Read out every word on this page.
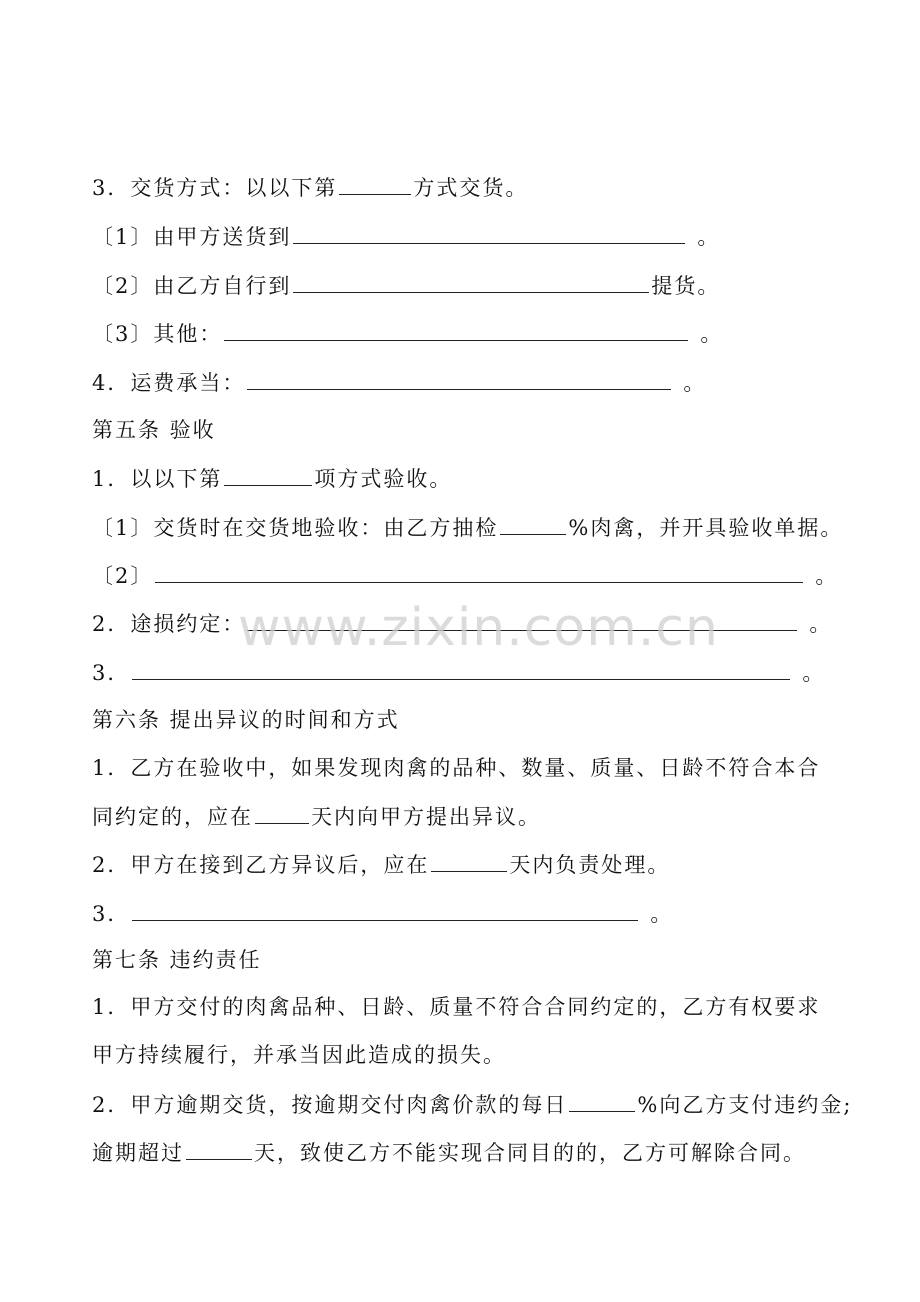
3．交货方式：以以下第	方式交货。
〔1〕由甲方送货到	。
〔2〕由乙方自行到	提货。
〔3〕其他：	。
4．运费承当：	。
第五条 验收
1．以以下第	项方式验收。
〔1〕交货时在交货地验收：由乙方抽检	%肉禽，并开具验收单据。
〔2〕	。
2．途损约定：	。
3．	。
第六条 提出异议的时间和方式
1．乙方在验收中，如果发现肉禽的品种、数量、质量、日龄不符合本合
同约定的，应在	天内向甲方提出异议。
2．甲方在接到乙方异议后，应在	天内负责处理。
3．	。
第七条 违约责任
1．甲方交付的肉禽品种、日龄、质量不符合合同约定的，乙方有权要求
甲方持续履行，并承当因此造成的损失。
2．甲方逾期交货，按逾期交付肉禽价款的每日	%向乙方支付违约金;
逾期超过	天，致使乙方不能实现合同目的的，乙方可解除合同。
www.zixin.com.cn
